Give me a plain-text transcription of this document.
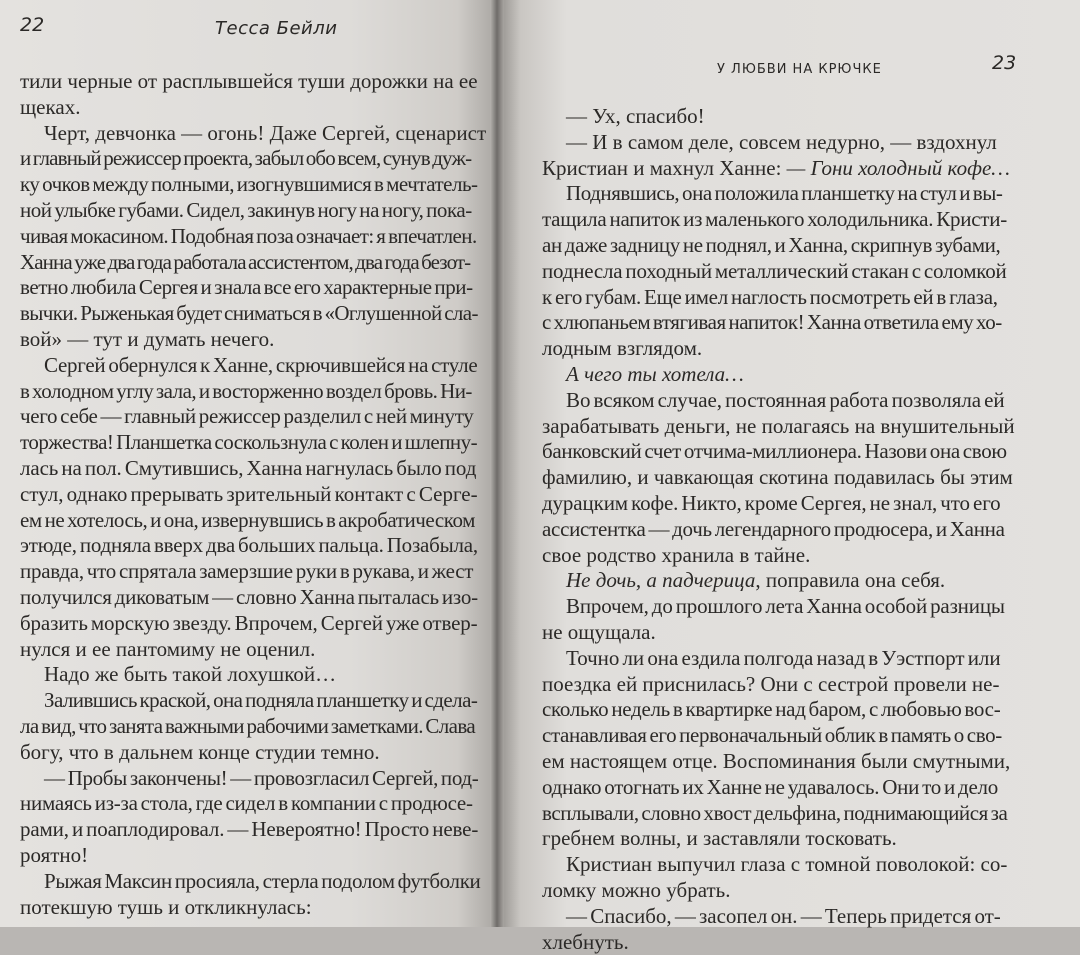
22	Тесса Бейли
тили черные от расплывшейся туши дорожки на ее
щеках.
Черт, девчонка — огонь! Даже Сергей, сценарист
и главный режиссер проекта, забыл обо всем, сунув дуж-
ку очков между полными, изогнувшимися в мечтатель-
ной улыбке губами. Сидел, закинув ногу на ногу, пока-
чивая мокасином. Подобная поза означает: я впечатлен.
Ханна уже два года работала ассистентом, два года безот-
ветно любила Сергея и знала все его характерные при-
вычки. Рыженькая будет сниматься в «Оглушенной сла-
вой» — тут и думать нечего.
Сергей обернулся к Ханне, скрючившейся на стуле
в холодном углу зала, и восторженно воздел бровь. Ни-
чего себе — главный режиссер разделил с ней минуту
торжества! Планшетка соскользнула с колен и шлепну-
лась на пол. Смутившись, Ханна нагнулась было под
стул, однако прерывать зрительный контакт с Серге-
ем не хотелось, и она, извернувшись в акробатическом
этюде, подняла вверх два больших пальца. Позабыла,
правда, что спрятала замерзшие руки в рукава, и жест
получился диковатым — словно Ханна пыталась изо-
бразить морскую звезду. Впрочем, Сергей уже отвер-
нулся и ее пантомиму не оценил.
Надо же быть такой лохушкой…
Залившись краской, она подняла планшетку и сдела-
ла вид, что занята важными рабочими заметками. Слава
богу, что в дальнем конце студии темно.
— Пробы закончены! — провозгласил Сергей, под-
нимаясь из-за стола, где сидел в компании с продюсе-
рами, и поаплодировал. — Невероятно! Просто неве-
роятно!
Рыжая Максин просияла, стерла подолом футболки
потекшую тушь и откликнулась:
У ЛЮБВИ НА КРЮЧКЕ	23
— Ух, спасибо!
— И в самом деле, совсем недурно, — вздохнул
Кристиан и махнул Ханне: — Гони холодный кофе…
Поднявшись, она положила планшетку на стул и вы-
тащила напиток из маленького холодильника. Кристи-
ан даже задницу не поднял, и Ханна, скрипнув зубами,
поднесла походный металлический стакан с соломкой
к его губам. Еще имел наглость посмотреть ей в глаза,
с хлюпаньем втягивая напиток! Ханна ответила ему хо-
лодным взглядом.
А чего ты хотела…
Во всяком случае, постоянная работа позволяла ей
зарабатывать деньги, не полагаясь на внушительный
банковский счет отчима-миллионера. Назови она свою
фамилию, и чавкающая скотина подавилась бы этим
дурацким кофе. Никто, кроме Сергея, не знал, что его
ассистентка — дочь легендарного продюсера, и Ханна
свое родство хранила в тайне.
Не дочь, а падчерица, поправила она себя.
Впрочем, до прошлого лета Ханна особой разницы
не ощущала.
Точно ли она ездила полгода назад в Уэстпорт или
поездка ей приснилась? Они с сестрой провели не-
сколько недель в квартирке над баром, с любовью вос-
станавливая его первоначальный облик в память о сво-
ем настоящем отце. Воспоминания были смутными,
однако отогнать их Ханне не удавалось. Они то и дело
всплывали, словно хвост дельфина, поднимающийся за
гребнем волны, и заставляли тосковать.
Кристиан выпучил глаза с томной поволокой: со-
ломку можно убрать.
— Спасибо, — засопел он. — Теперь придется от-
хлебнуть.
